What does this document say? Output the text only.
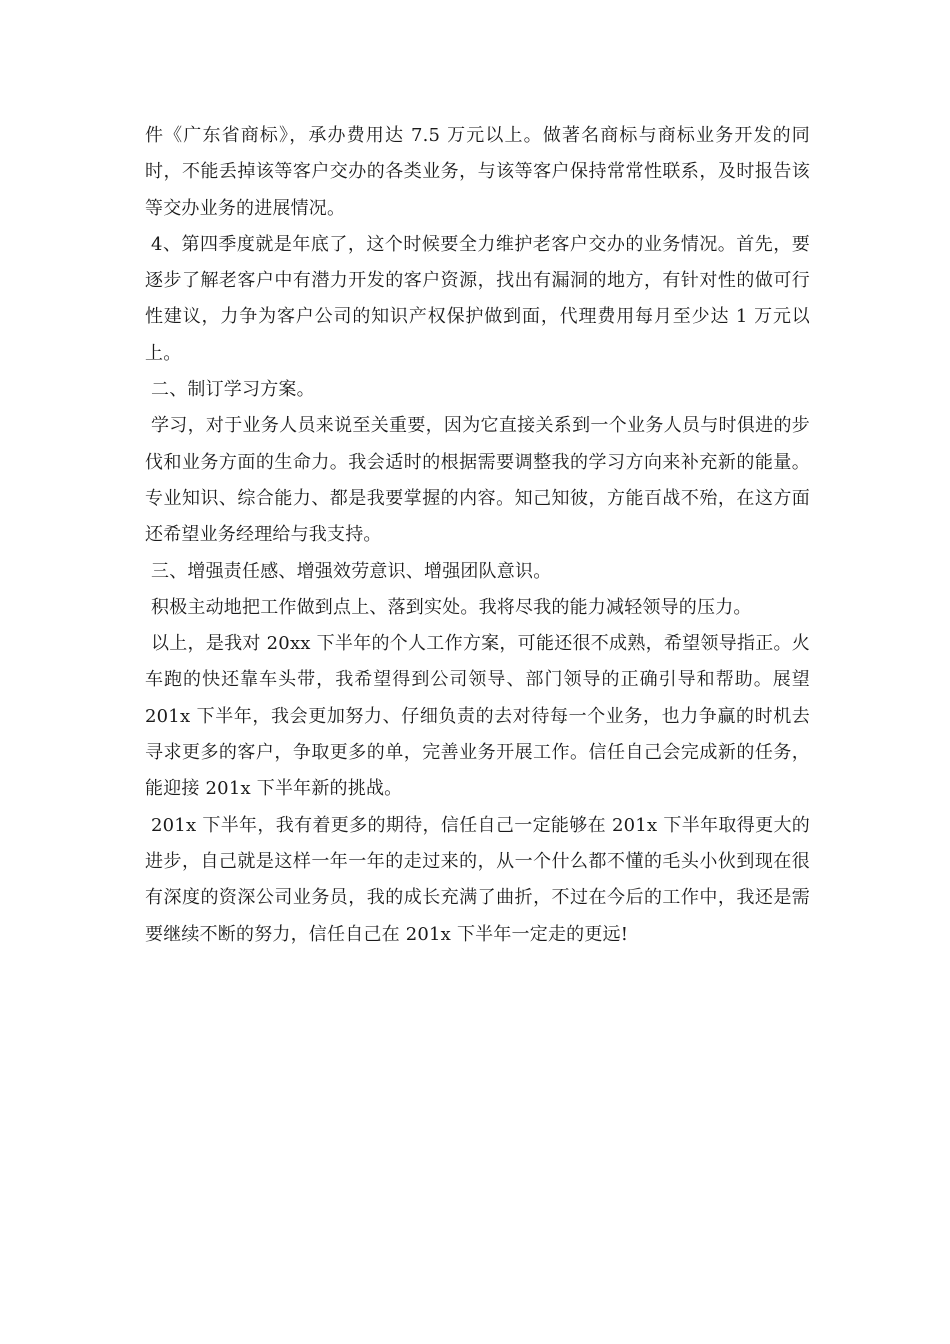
件《广东省商标》，承办费用达 7.5 万元以上。做著名商标与商标业务开发的同时，不能丢掉该等客户交办的各类业务，与该等客户保持常常性联系，及时报告该等交办业务的进展情况。

4、第四季度就是年底了，这个时候要全力维护老客户交办的业务情况。首先，要逐步了解老客户中有潜力开发的客户资源，找出有漏洞的地方，有针对性的做可行性建议，力争为客户公司的知识产权保护做到面，代理费用每月至少达 1 万元以上。

二、制订学习方案。

学习，对于业务人员来说至关重要，因为它直接关系到一个业务人员与时俱进的步伐和业务方面的生命力。我会适时的根据需要调整我的学习方向来补充新的能量。专业知识、综合能力、都是我要掌握的内容。知己知彼，方能百战不殆，在这方面还希望业务经理给与我支持。

三、增强责任感、增强效劳意识、增强团队意识。

积极主动地把工作做到点上、落到实处。我将尽我的能力减轻领导的压力。

以上，是我对 20xx 下半年的个人工作方案，可能还很不成熟，希望领导指正。火车跑的快还靠车头带，我希望得到公司领导、部门领导的正确引导和帮助。展望 201x 下半年，我会更加努力、仔细负责的去对待每一个业务，也力争赢的时机去寻求更多的客户，争取更多的单，完善业务开展工作。信任自己会完成新的任务，能迎接 201x 下半年新的挑战。

201x 下半年，我有着更多的期待，信任自己一定能够在 201x 下半年取得更大的进步，自己就是这样一年一年的走过来的，从一个什么都不懂的毛头小伙到现在很有深度的资深公司业务员，我的成长充满了曲折，不过在今后的工作中，我还是需要继续不断的努力，信任自己在 201x 下半年一定走的更远!
